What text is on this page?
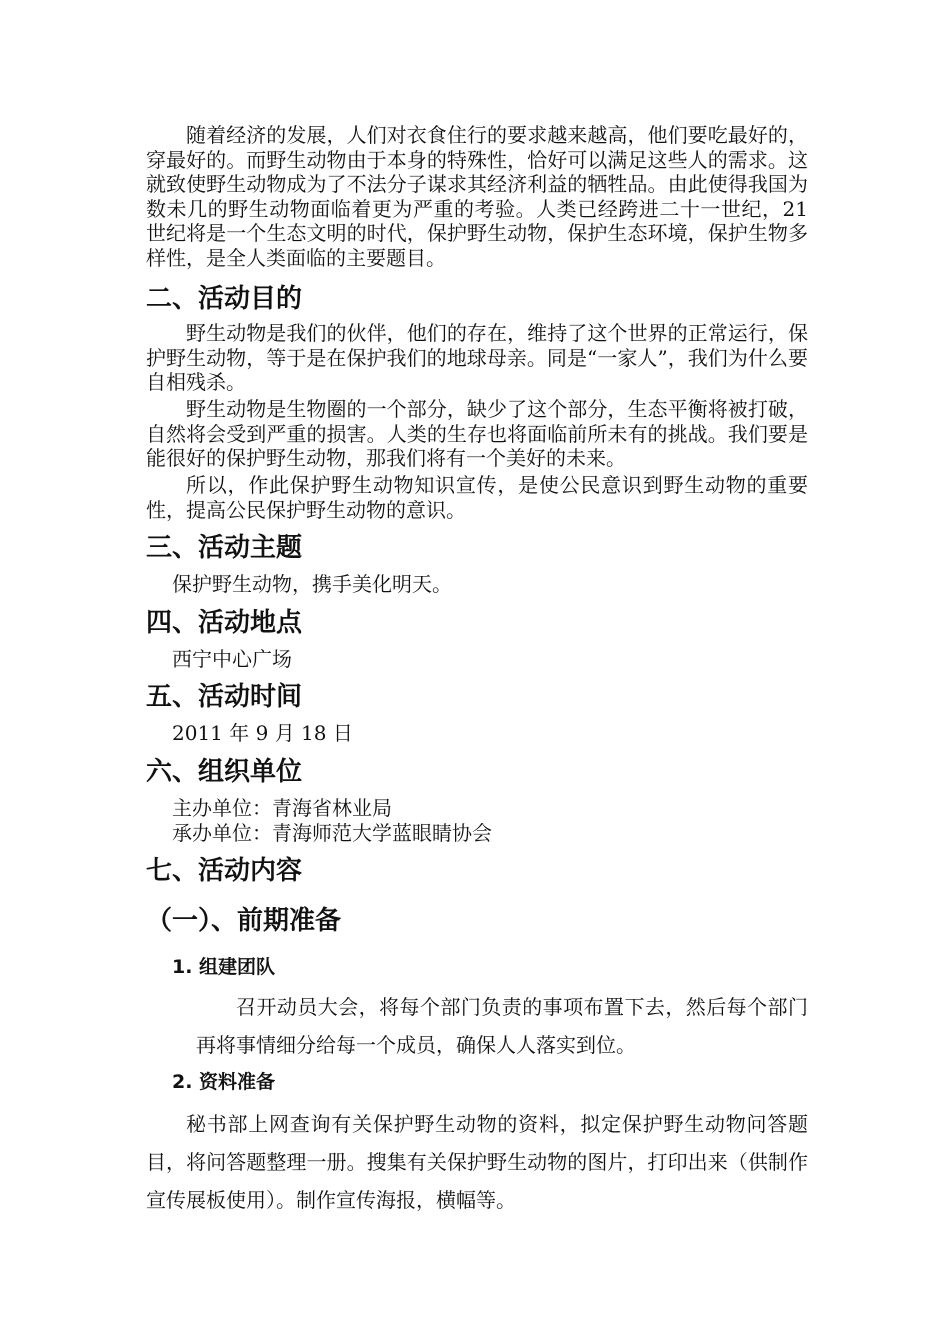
随着经济的发展，人们对衣食住行的要求越来越高，他们要吃最好的，穿最好的。而野生动物由于本身的特殊性，恰好可以满足这些人的需求。这就致使野生动物成为了不法分子谋求其经济利益的牺牲品。由此使得我国为数未几的野生动物面临着更为严重的考验。人类已经跨进二十一世纪，21世纪将是一个生态文明的时代，保护野生动物，保护生态环境，保护生物多样性，是全人类面临的主要题目。

二、活动目的

野生动物是我们的伙伴，他们的存在，维持了这个世界的正常运行，保护野生动物，等于是在保护我们的地球母亲。同是“一家人”，我们为什么要自相残杀。

野生动物是生物圈的一个部分，缺少了这个部分，生态平衡将被打破，自然将会受到严重的损害。人类的生存也将面临前所未有的挑战。我们要是能很好的保护野生动物，那我们将有一个美好的未来。

所以，作此保护野生动物知识宣传，是使公民意识到野生动物的重要性，提高公民保护野生动物的意识。

三、活动主题

保护野生动物，携手美化明天。

四、活动地点

西宁中心广场

五、活动时间

2011 年 9 月 18 日

六、组织单位

主办单位：青海省林业局

承办单位：青海师范大学蓝眼睛协会

七、活动内容
（一）、前期准备
1. 组建团队

召开动员大会，将每个部门负责的事项布置下去，然后每个部门再将事情细分给每一个成员，确保人人落实到位。

2. 资料准备

秘书部上网查询有关保护野生动物的资料，拟定保护野生动物问答题目，将问答题整理一册。搜集有关保护野生动物的图片，打印出来（供制作宣传展板使用）。制作宣传海报，横幅等。
